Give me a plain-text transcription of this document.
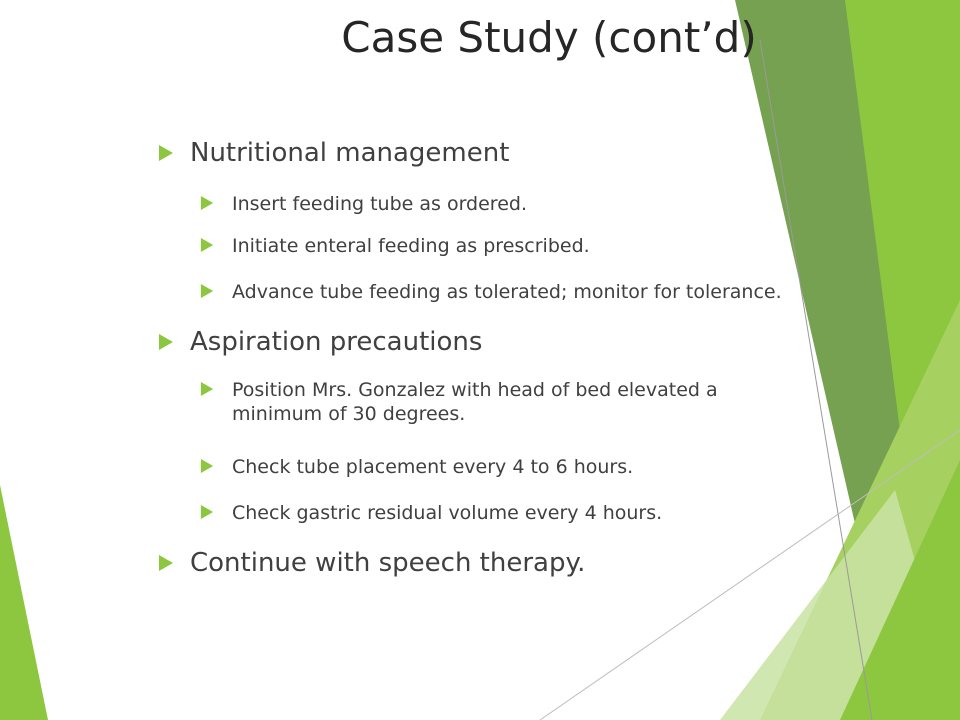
Case Study (cont’d)
Nutritional management
Insert feeding tube as ordered.
Initiate enteral feeding as prescribed.
Advance tube feeding as tolerated; monitor for tolerance.
Aspiration precautions
Position Mrs. Gonzalez with head of bed elevated a
minimum of 30 degrees.
Check tube placement every 4 to 6 hours.
Check gastric residual volume every 4 hours.
Continue with speech therapy.
